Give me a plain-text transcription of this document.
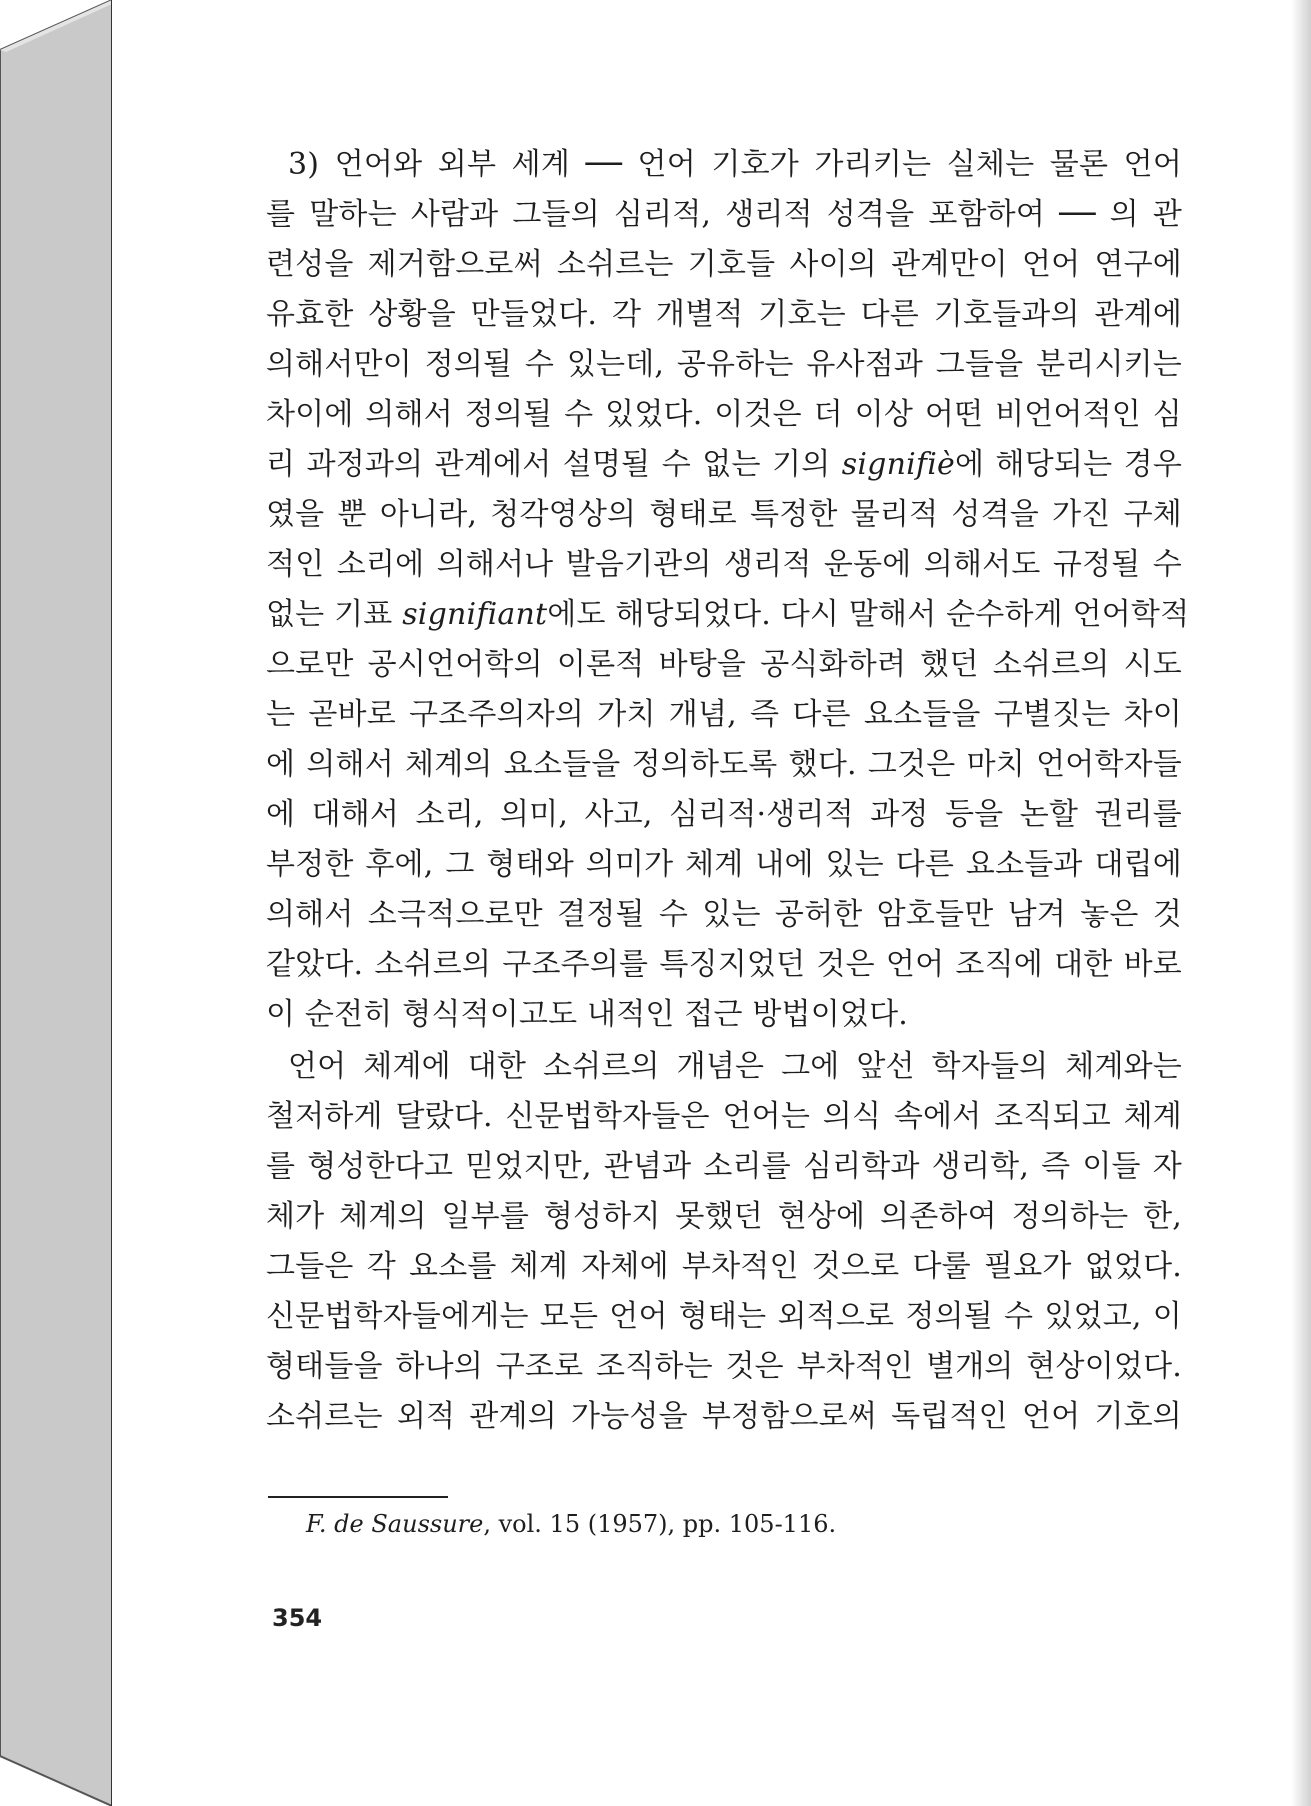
3) 언어와 외부 세계 ── 언어 기호가 가리키는 실체는 물론 언어
를 말하는 사람과 그들의 심리적, 생리적 성격을 포함하여 ── 의 관
련성을 제거함으로써 소쉬르는 기호들 사이의 관계만이 언어 연구에
유효한 상황을 만들었다. 각 개별적 기호는 다른 기호들과의 관계에
의해서만이 정의될 수 있는데, 공유하는 유사점과 그들을 분리시키는
차이에 의해서 정의될 수 있었다. 이것은 더 이상 어떤 비언어적인 심
리 과정과의 관계에서 설명될 수 없는 기의 signifiè에 해당되는 경우
였을 뿐 아니라, 청각영상의 형태로 특정한 물리적 성격을 가진 구체
적인 소리에 의해서나 발음기관의 생리적 운동에 의해서도 규정될 수
없는 기표 signifiant에도 해당되었다. 다시 말해서 순수하게 언어학적
으로만 공시언어학의 이론적 바탕을 공식화하려 했던 소쉬르의 시도
는 곧바로 구조주의자의 가치 개념, 즉 다른 요소들을 구별짓는 차이
에 의해서 체계의 요소들을 정의하도록 했다. 그것은 마치 언어학자들
에 대해서 소리, 의미, 사고, 심리적·생리적 과정 등을 논할 권리를
부정한 후에, 그 형태와 의미가 체계 내에 있는 다른 요소들과 대립에
의해서 소극적으로만 결정될 수 있는 공허한 암호들만 남겨 놓은 것
같았다. 소쉬르의 구조주의를 특징지었던 것은 언어 조직에 대한 바로
이 순전히 형식적이고도 내적인 접근 방법이었다.
언어 체계에 대한 소쉬르의 개념은 그에 앞선 학자들의 체계와는
철저하게 달랐다. 신문법학자들은 언어는 의식 속에서 조직되고 체계
를 형성한다고 믿었지만, 관념과 소리를 심리학과 생리학, 즉 이들 자
체가 체계의 일부를 형성하지 못했던 현상에 의존하여 정의하는 한,
그들은 각 요소를 체계 자체에 부차적인 것으로 다룰 필요가 없었다.
신문법학자들에게는 모든 언어 형태는 외적으로 정의될 수 있었고, 이
형태들을 하나의 구조로 조직하는 것은 부차적인 별개의 현상이었다.
소쉬르는 외적 관계의 가능성을 부정함으로써 독립적인 언어 기호의
F. de Saussure, vol. 15 (1957), pp. 105-116.
354
